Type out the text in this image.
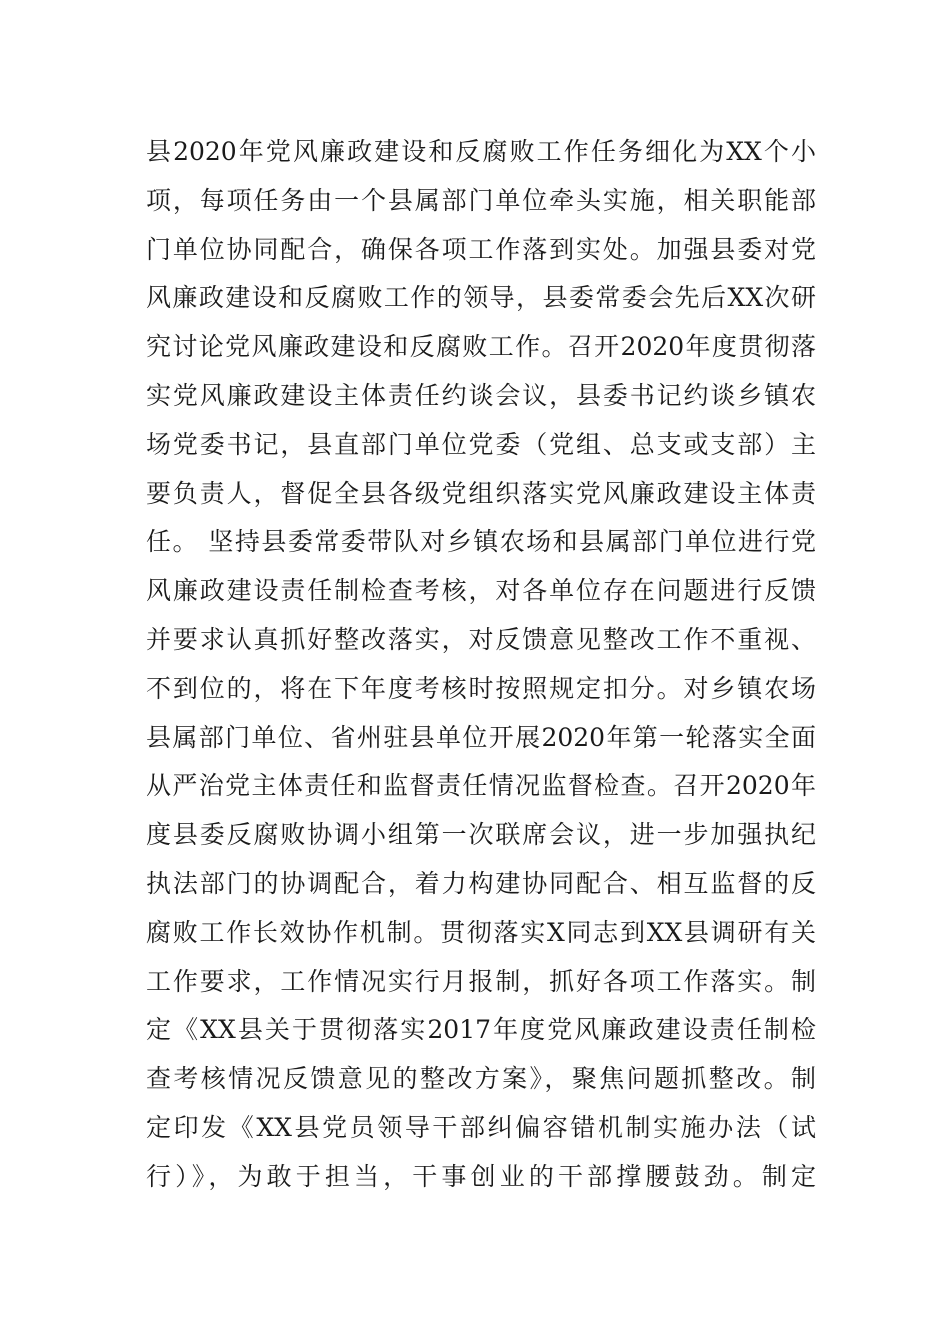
县2020年党风廉政建设和反腐败工作任务细化为XX个小
项，每项任务由一个县属部门单位牵头实施，相关职能部
门单位协同配合，确保各项工作落到实处。加强县委对党
风廉政建设和反腐败工作的领导，县委常委会先后XX次研
究讨论党风廉政建设和反腐败工作。召开2020年度贯彻落
实党风廉政建设主体责任约谈会议，县委书记约谈乡镇农
场党委书记，县直部门单位党委（党组、总支或支部）主
要负责人，督促全县各级党组织落实党风廉政建设主体责
任。 坚持县委常委带队对乡镇农场和县属部门单位进行党
风廉政建设责任制检查考核，对各单位存在问题进行反馈
并要求认真抓好整改落实，对反馈意见整改工作不重视、
不到位的，将在下年度考核时按照规定扣分。对乡镇农场
县属部门单位、省州驻县单位开展2020年第一轮落实全面
从严治党主体责任和监督责任情况监督检查。召开2020年
度县委反腐败协调小组第一次联席会议，进一步加强执纪
执法部门的协调配合，着力构建协同配合、相互监督的反
腐败工作长效协作机制。贯彻落实X同志到XX县调研有关
工作要求，工作情况实行月报制，抓好各项工作落实。制
定《XX县关于贯彻落实2017年度党风廉政建设责任制检
查考核情况反馈意见的整改方案》，聚焦问题抓整改。制
定印发《XX县党员领导干部纠偏容错机制实施办法（试
行）》，为敢于担当，干事创业的干部撑腰鼓劲。制定
